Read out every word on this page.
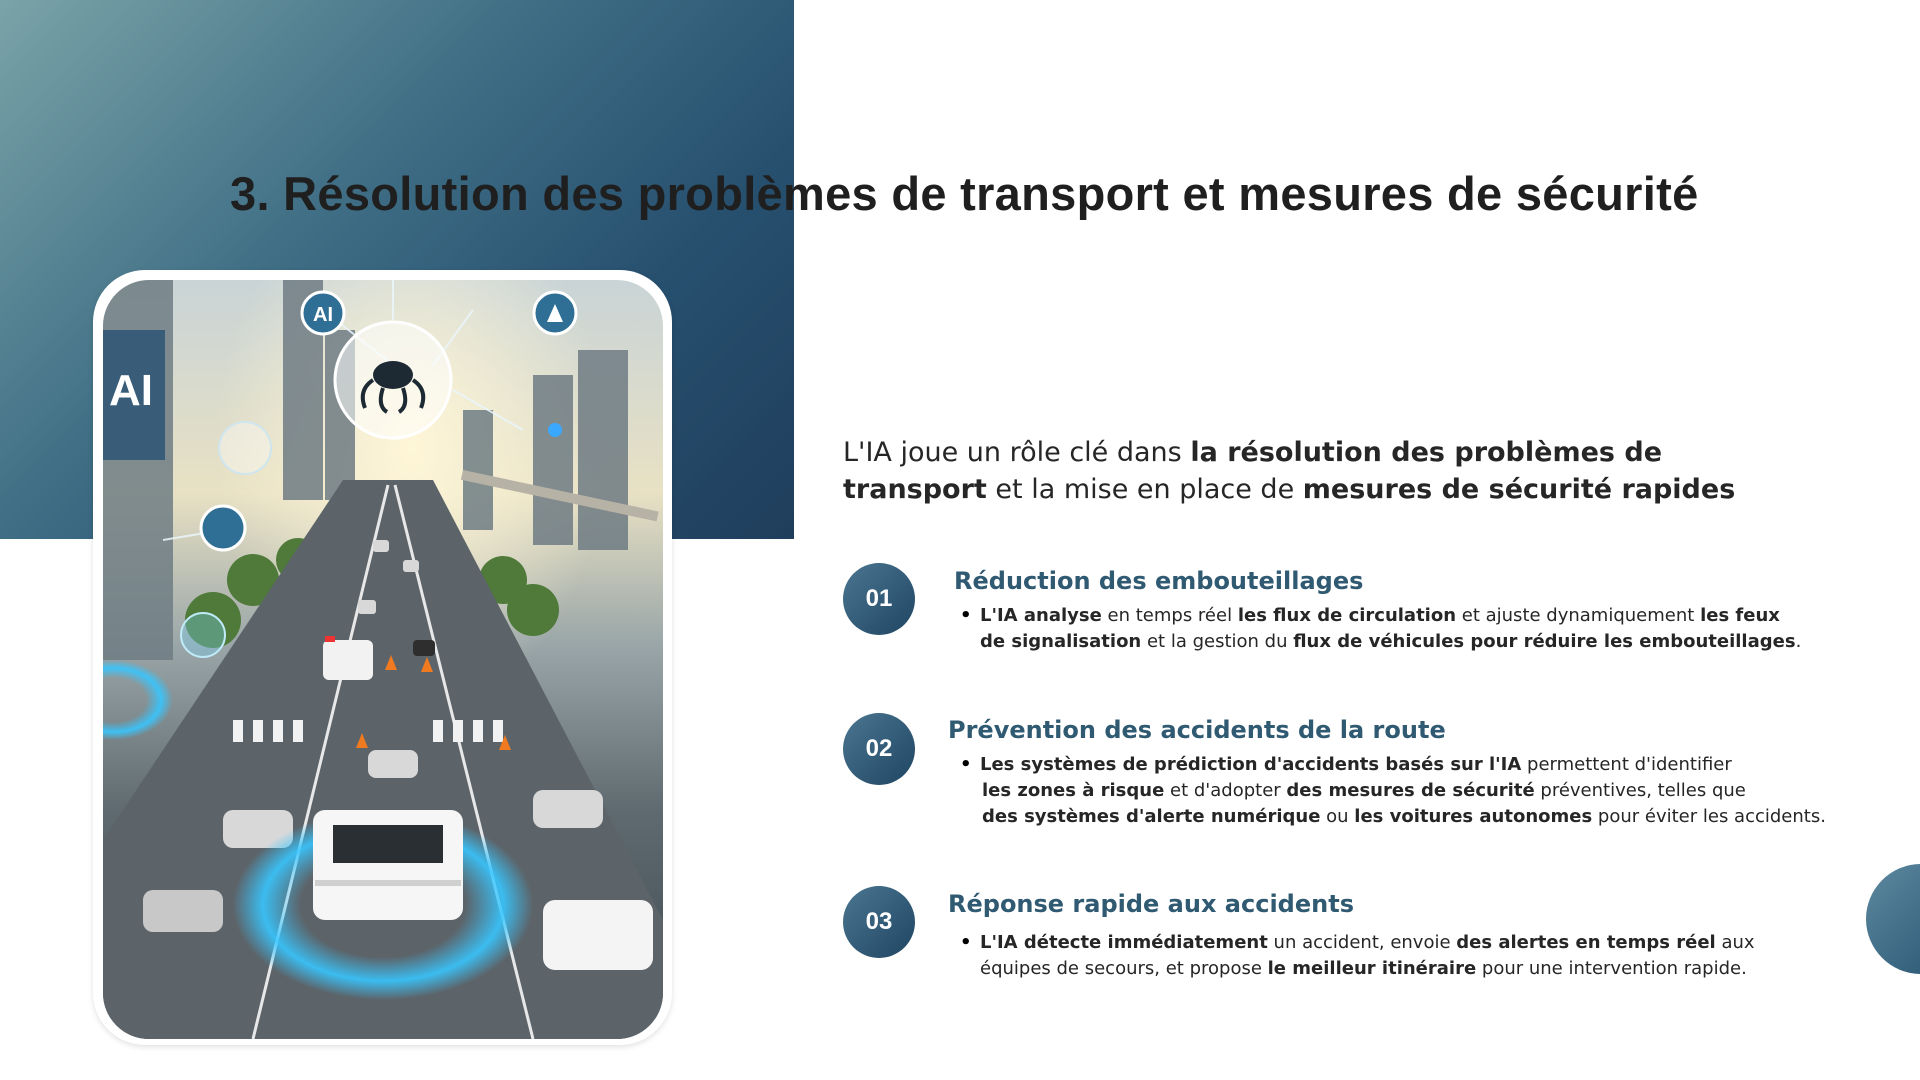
3. Résolution des problèmes de transport et mesures de sécurité
AI
AI

L'IA joue un rôle clé dans la résolution des problèmes de transport et la mise en place de mesures de sécurité rapides

01
Réduction des embouteillages
• L'IA analyse en temps réel les flux de circulation et ajuste dynamiquement les feux
de signalisation et la gestion du flux de véhicules pour réduire les embouteillages.
02
Prévention des accidents de la route
• Les systèmes de prédiction d'accidents basés sur l'IA permettent d'identifier
les zones à risque et d'adopter des mesures de sécurité préventives, telles que
des systèmes d'alerte numérique ou les voitures autonomes pour éviter les accidents.
03
Réponse rapide aux accidents
• L'IA détecte immédiatement un accident, envoie des alertes en temps réel aux
équipes de secours, et propose le meilleur itinéraire pour une intervention rapide.
